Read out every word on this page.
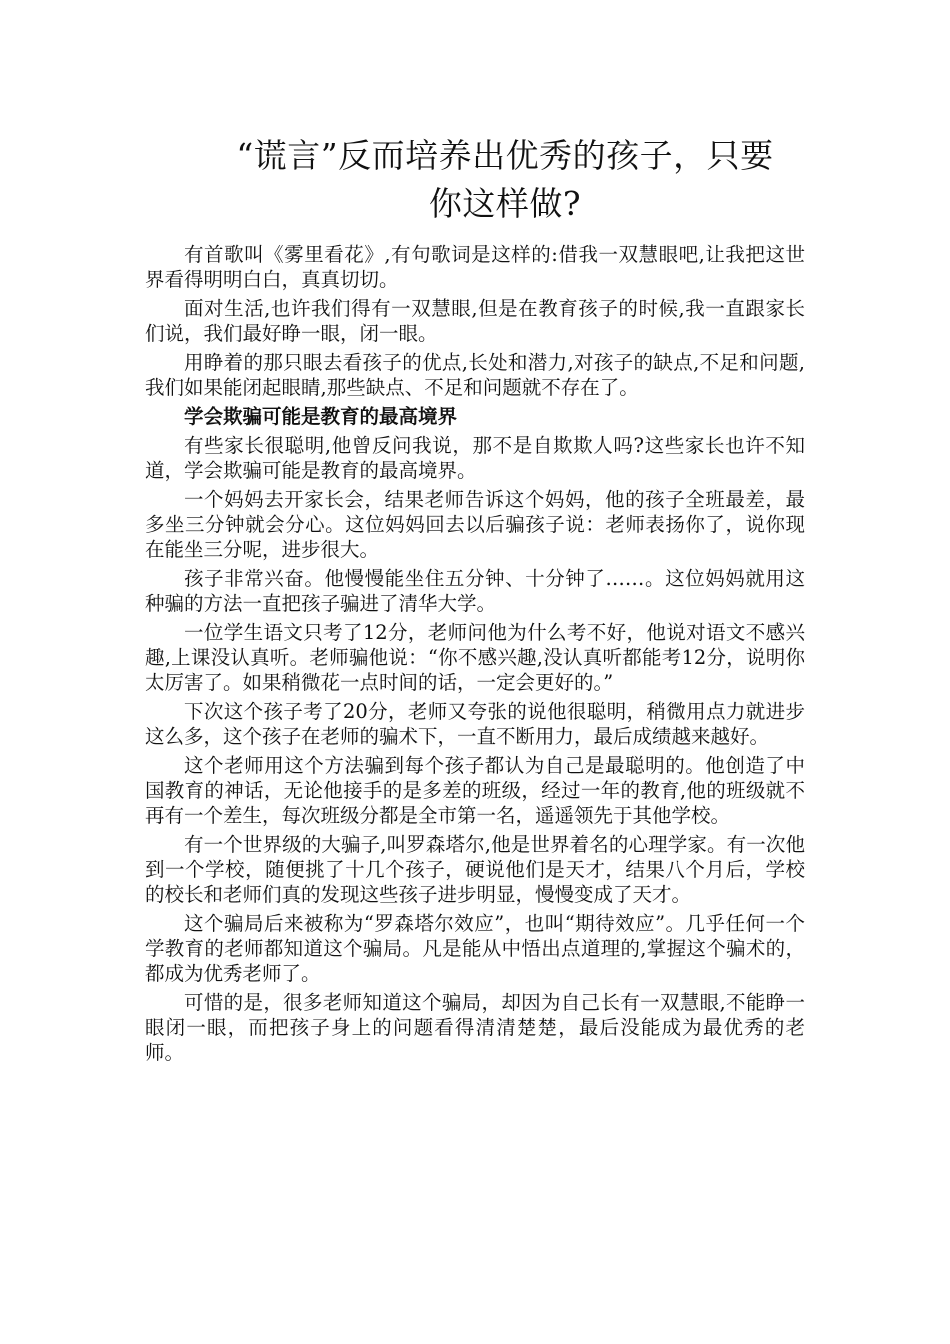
“谎言”反而培养出优秀的孩子，只要
你这样做?

有首歌叫《雾里看花》,有句歌词是这样的:借我一双慧眼吧,让我把这世界看得明明白白，真真切切。

面对生活,也许我们得有一双慧眼,但是在教育孩子的时候,我一直跟家长们说，我们最好睁一眼，闭一眼。

用睁着的那只眼去看孩子的优点,长处和潜力,对孩子的缺点,不足和问题,我们如果能闭起眼睛,那些缺点、不足和问题就不存在了。

学会欺骗可能是教育的最高境界

有些家长很聪明,他曾反问我说，那不是自欺欺人吗?这些家长也许不知道，学会欺骗可能是教育的最高境界。

一个妈妈去开家长会，结果老师告诉这个妈妈，他的孩子全班最差，最多坐三分钟就会分心。这位妈妈回去以后骗孩子说：老师表扬你了，说你现在能坐三分呢，进步很大。

孩子非常兴奋。他慢慢能坐住五分钟、十分钟了……。这位妈妈就用这种骗的方法一直把孩子骗进了清华大学。

一位学生语文只考了12分，老师问他为什么考不好，他说对语文不感兴趣,上课没认真听。老师骗他说：“你不感兴趣,没认真听都能考12分，说明你太厉害了。如果稍微花一点时间的话，一定会更好的。”

下次这个孩子考了20分，老师又夸张的说他很聪明，稍微用点力就进步这么多，这个孩子在老师的骗术下，一直不断用力，最后成绩越来越好。

这个老师用这个方法骗到每个孩子都认为自己是最聪明的。他创造了中国教育的神话，无论他接手的是多差的班级，经过一年的教育,他的班级就不再有一个差生，每次班级分都是全市第一名，遥遥领先于其他学校。

有一个世界级的大骗子,叫罗森塔尔,他是世界着名的心理学家。有一次他到一个学校，随便挑了十几个孩子，硬说他们是天才，结果八个月后，学校的校长和老师们真的发现这些孩子进步明显，慢慢变成了天才。

这个骗局后来被称为“罗森塔尔效应”，也叫“期待效应”。几乎任何一个学教育的老师都知道这个骗局。凡是能从中悟出点道理的,掌握这个骗术的，都成为优秀老师了。

可惜的是，很多老师知道这个骗局，却因为自己长有一双慧眼,不能睁一眼闭一眼，而把孩子身上的问题看得清清楚楚，最后没能成为最优秀的老师。
